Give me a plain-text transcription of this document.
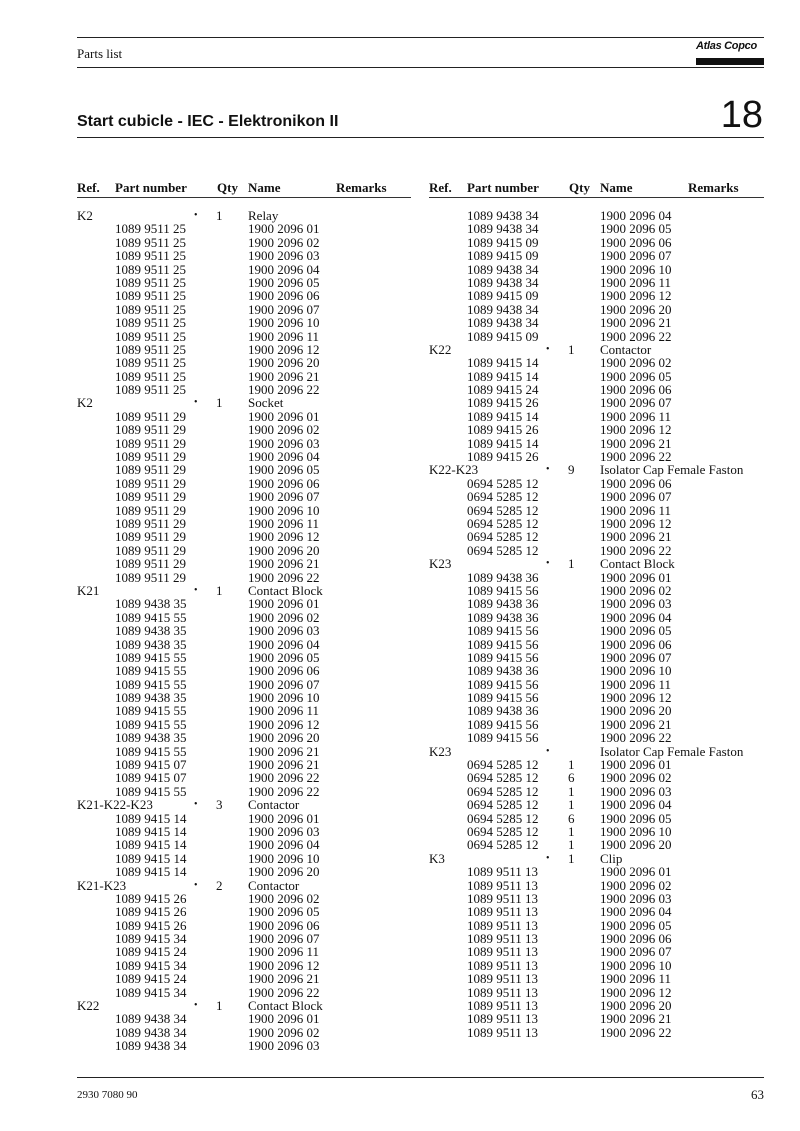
Parts list	Atlas Copco
Start cubicle - IEC - Elektronikon II	18
Ref. Part number Qty Name	Remarks
K2	• 1 Relay
1089 9511 25	1900 2096 01
1089 9511 25	1900 2096 02
1089 9511 25	1900 2096 03
1089 9511 25	1900 2096 04
1089 9511 25	1900 2096 05
1089 9511 25	1900 2096 06
1089 9511 25	1900 2096 07
1089 9511 25	1900 2096 10
1089 9511 25	1900 2096 11
1089 9511 25	1900 2096 12
1089 9511 25	1900 2096 20
1089 9511 25	1900 2096 21
1089 9511 25	1900 2096 22
K2	• 1 Socket
1089 9511 29	1900 2096 01
1089 9511 29	1900 2096 02
1089 9511 29	1900 2096 03
1089 9511 29	1900 2096 04
1089 9511 29	1900 2096 05
1089 9511 29	1900 2096 06
1089 9511 29	1900 2096 07
1089 9511 29	1900 2096 10
1089 9511 29	1900 2096 11
1089 9511 29	1900 2096 12
1089 9511 29	1900 2096 20
1089 9511 29	1900 2096 21
1089 9511 29	1900 2096 22
K21	• 1 Contact Block
1089 9438 35	1900 2096 01
1089 9415 55	1900 2096 02
1089 9438 35	1900 2096 03
1089 9438 35	1900 2096 04
1089 9415 55	1900 2096 05
1089 9415 55	1900 2096 06
1089 9415 55	1900 2096 07
1089 9438 35	1900 2096 10
1089 9415 55	1900 2096 11
1089 9415 55	1900 2096 12
1089 9438 35	1900 2096 20
1089 9415 55	1900 2096 21
1089 9415 07	1900 2096 21
1089 9415 07	1900 2096 22
1089 9415 55	1900 2096 22
K21-K22-K23	• 3 Contactor
1089 9415 14	1900 2096 01
1089 9415 14	1900 2096 03
1089 9415 14	1900 2096 04
1089 9415 14	1900 2096 10
1089 9415 14	1900 2096 20
K21-K23	• 2 Contactor
1089 9415 26	1900 2096 02
1089 9415 26	1900 2096 05
1089 9415 26	1900 2096 06
1089 9415 34	1900 2096 07
1089 9415 24	1900 2096 11
1089 9415 34	1900 2096 12
1089 9415 24	1900 2096 21
1089 9415 34	1900 2096 22
K22	• 1 Contact Block
1089 9438 34	1900 2096 01
1089 9438 34	1900 2096 02
1089 9438 34	1900 2096 03
Ref. Part number Qty Name	Remarks
1089 9438 34	1900 2096 04
1089 9438 34	1900 2096 05
1089 9415 09	1900 2096 06
1089 9415 09	1900 2096 07
1089 9438 34	1900 2096 10
1089 9438 34	1900 2096 11
1089 9415 09	1900 2096 12
1089 9438 34	1900 2096 20
1089 9438 34	1900 2096 21
1089 9415 09	1900 2096 22
K22	• 1 Contactor
1089 9415 14	1900 2096 02
1089 9415 14	1900 2096 05
1089 9415 24	1900 2096 06
1089 9415 26	1900 2096 07
1089 9415 14	1900 2096 11
1089 9415 26	1900 2096 12
1089 9415 14	1900 2096 21
1089 9415 26	1900 2096 22
K22-K23	• 9 Isolator Cap Female Faston
0694 5285 12	1900 2096 06
0694 5285 12	1900 2096 07
0694 5285 12	1900 2096 11
0694 5285 12	1900 2096 12
0694 5285 12	1900 2096 21
0694 5285 12	1900 2096 22
K23	• 1 Contact Block
1089 9438 36	1900 2096 01
1089 9415 56	1900 2096 02
1089 9438 36	1900 2096 03
1089 9438 36	1900 2096 04
1089 9415 56	1900 2096 05
1089 9415 56	1900 2096 06
1089 9415 56	1900 2096 07
1089 9438 36	1900 2096 10
1089 9415 56	1900 2096 11
1089 9415 56	1900 2096 12
1089 9438 36	1900 2096 20
1089 9415 56	1900 2096 21
1089 9415 56	1900 2096 22
K23	•	Isolator Cap Female Faston
0694 5285 12 1 1900 2096 01
0694 5285 12 6 1900 2096 02
0694 5285 12 1 1900 2096 03
0694 5285 12 1 1900 2096 04
0694 5285 12 6 1900 2096 05
0694 5285 12 1 1900 2096 10
0694 5285 12 1 1900 2096 20
K3	• 1 Clip
1089 9511 13	1900 2096 01
1089 9511 13	1900 2096 02
1089 9511 13	1900 2096 03
1089 9511 13	1900 2096 04
1089 9511 13	1900 2096 05
1089 9511 13	1900 2096 06
1089 9511 13	1900 2096 07
1089 9511 13	1900 2096 10
1089 9511 13	1900 2096 11
1089 9511 13	1900 2096 12
1089 9511 13	1900 2096 20
1089 9511 13	1900 2096 21
1089 9511 13	1900 2096 22
2930 7080 90	63
